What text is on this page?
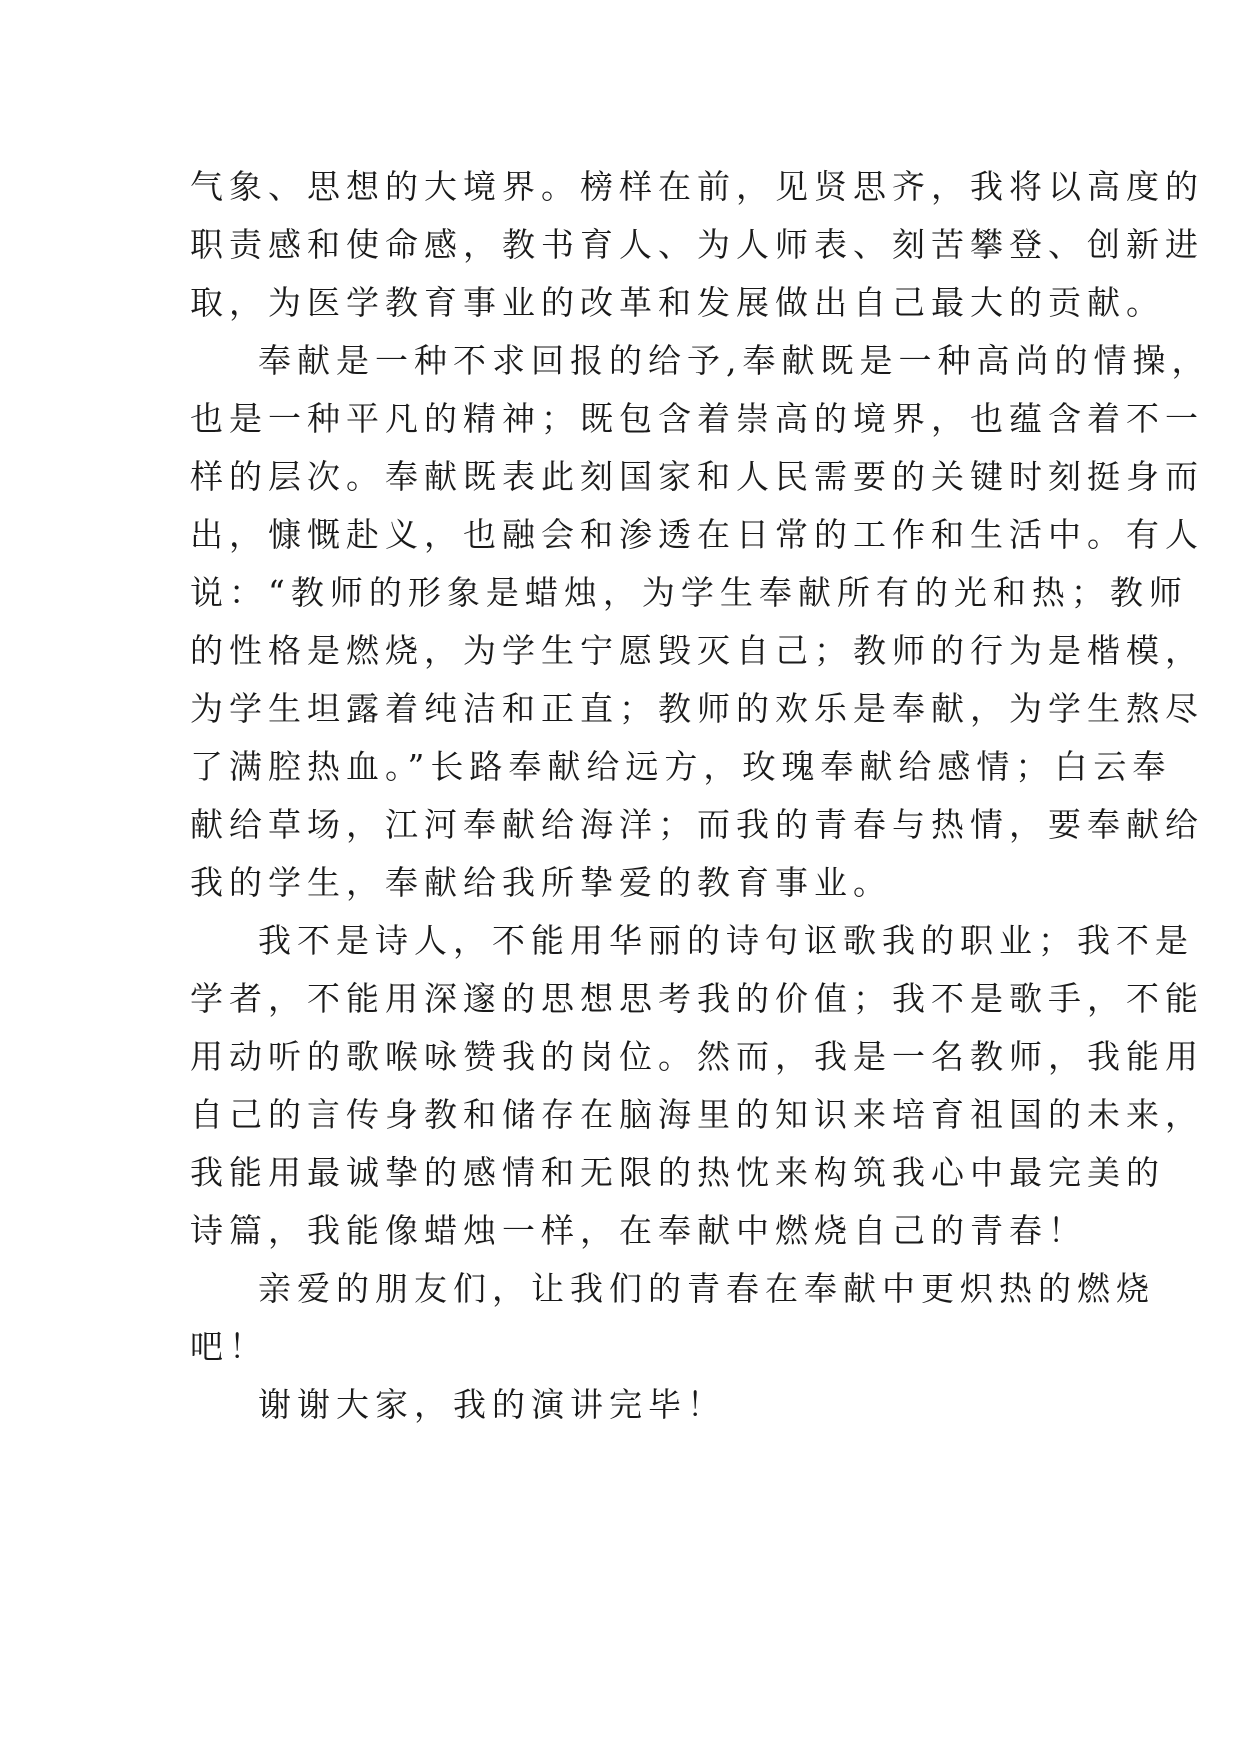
气象、思想的大境界。榜样在前，见贤思齐，我将以高度的
职责感和使命感，教书育人、为人师表、刻苦攀登、创新进
取，为医学教育事业的改革和发展做出自己最大的贡献。
奉献是一种不求回报的给予,奉献既是一种高尚的情操，
也是一种平凡的精神；既包含着崇高的境界，也蕴含着不一
样的层次。奉献既表此刻国家和人民需要的关键时刻挺身而
出，慷慨赴义，也融会和渗透在日常的工作和生活中。有人
说：“教师的形象是蜡烛，为学生奉献所有的光和热；教师
的性格是燃烧，为学生宁愿毁灭自己；教师的行为是楷模，
为学生坦露着纯洁和正直；教师的欢乐是奉献，为学生熬尽
了满腔热血。”长路奉献给远方，玫瑰奉献给感情；白云奉
献给草场，江河奉献给海洋；而我的青春与热情，要奉献给
我的学生，奉献给我所挚爱的教育事业。
我不是诗人，不能用华丽的诗句讴歌我的职业；我不是
学者，不能用深邃的思想思考我的价值；我不是歌手，不能
用动听的歌喉咏赞我的岗位。然而，我是一名教师，我能用
自己的言传身教和储存在脑海里的知识来培育祖国的未来，
我能用最诚挚的感情和无限的热忱来构筑我心中最完美的
诗篇，我能像蜡烛一样，在奉献中燃烧自己的青春！
亲爱的朋友们，让我们的青春在奉献中更炽热的燃烧
吧！
谢谢大家，我的演讲完毕！
